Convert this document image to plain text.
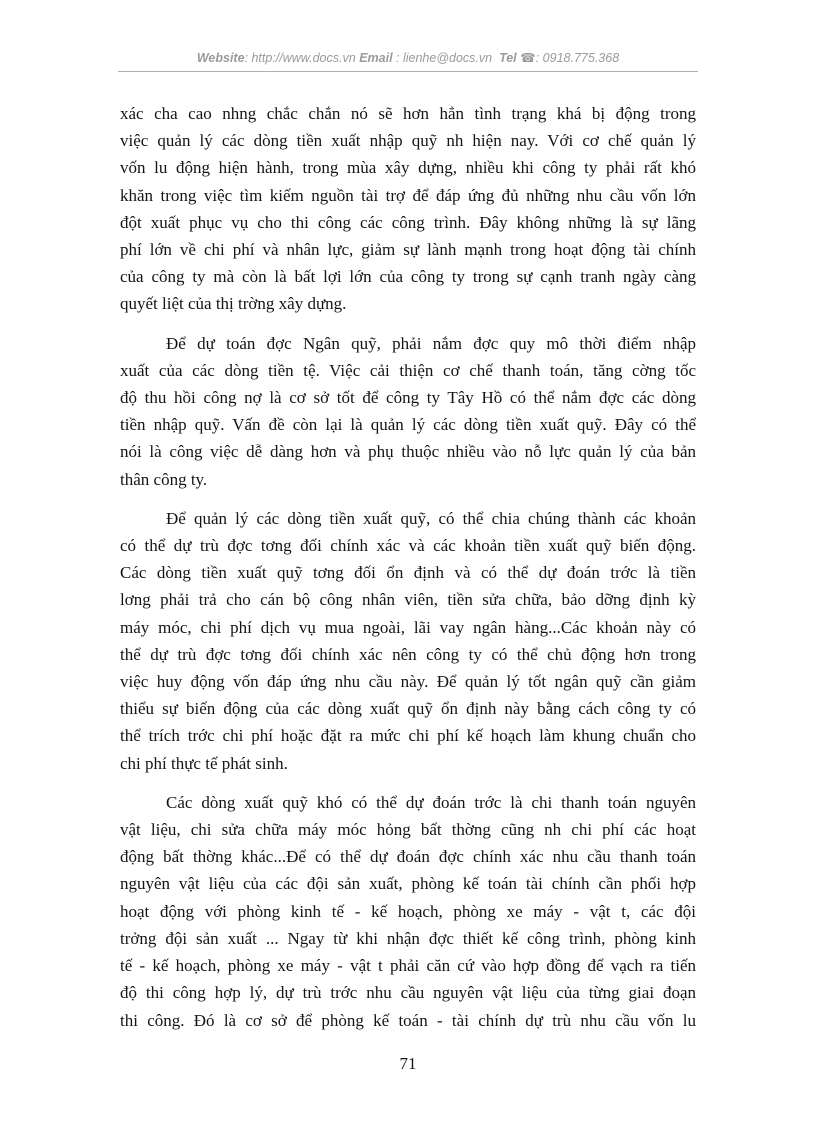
Website: http://www.docs.vn Email : lienhe@docs.vn Tel ☎: 0918.775.368

xác cha cao nhng chắc chắn nó sẽ hơn hẳn tình trạng khá bị động trong
việc quản lý các dòng tiền xuất nhập quỹ nh hiện nay. Với cơ chế quản lý
vốn lu động hiện hành, trong mùa xây dựng, nhiều khi công ty phải rất khó
khăn trong việc tìm kiếm nguồn tài trợ để đáp ứng đủ những nhu cầu vốn lớn
đột xuất phục vụ cho thi công các công trình. Đây không những là sự lãng
phí lớn về chi phí và nhân lực, giảm sự lành mạnh trong hoạt động tài chính
của công ty mà còn là bất lợi lớn của công ty trong sự cạnh tranh ngày càng
quyết liệt của thị trờng xây dựng.

Để dự toán đợc Ngân quỹ, phải nắm đợc quy mô thời điểm nhập
xuất của các dòng tiền tệ. Việc cải thiện cơ chế thanh toán, tăng cờng tốc
độ thu hồi công nợ là cơ sở tốt để công ty Tây Hồ có thể nắm đợc các dòng
tiền nhập quỹ. Vấn đề còn lại là quản lý các dòng tiền xuất quỹ. Đây có thể
nói là công việc dễ dàng hơn và phụ thuộc nhiều vào nỗ lực quản lý của bản
thân công ty.

Để quản lý các dòng tiền xuất quỹ, có thể chia chúng thành các khoản
có thể dự trù đợc tơng đối chính xác và các khoản tiền xuất quỹ biến động.
Các dòng tiền xuất quỹ tơng đối ổn định và có thể dự đoán trớc là tiền
lơng phải trả cho cán bộ công nhân viên, tiền sửa chữa, bảo dỡng định kỳ
máy móc, chi phí dịch vụ mua ngoài, lãi vay ngân hàng...Các khoản này có
thể dự trù đợc tơng đối chính xác nên công ty có thể chủ động hơn trong
việc huy động vốn đáp ứng nhu cầu này. Để quản lý tốt ngân quỹ cần giảm
thiểu sự biến động của các dòng xuất quỹ ổn định này bằng cách công ty có
thể trích trớc chi phí hoặc đặt ra mức chi phí kế hoạch làm khung chuẩn cho
chi phí thực tế phát sinh.

Các dòng xuất quỹ khó có thể dự đoán trớc là chi thanh toán nguyên
vật liệu, chi sửa chữa máy móc hỏng bất thờng cũng nh chi phí các hoạt
động bất thờng khác...Để có thể dự đoán đợc chính xác nhu cầu thanh toán
nguyên vật liệu của các đội sản xuất, phòng kế toán tài chính cần phối hợp
hoạt động với phòng kinh tế - kế hoạch, phòng xe máy - vật t, các đội
trởng đội sản xuất ... Ngay từ khi nhận đợc thiết kế công trình, phòng kinh
tế - kế hoạch, phòng xe máy - vật t phải căn cứ vào hợp đồng để vạch ra tiến
độ thi công hợp lý, dự trù trớc nhu cầu nguyên vật liệu của từng giai đoạn
thi công. Đó là cơ sở để phòng kế toán - tài chính dự trù nhu cầu vốn lu

71
